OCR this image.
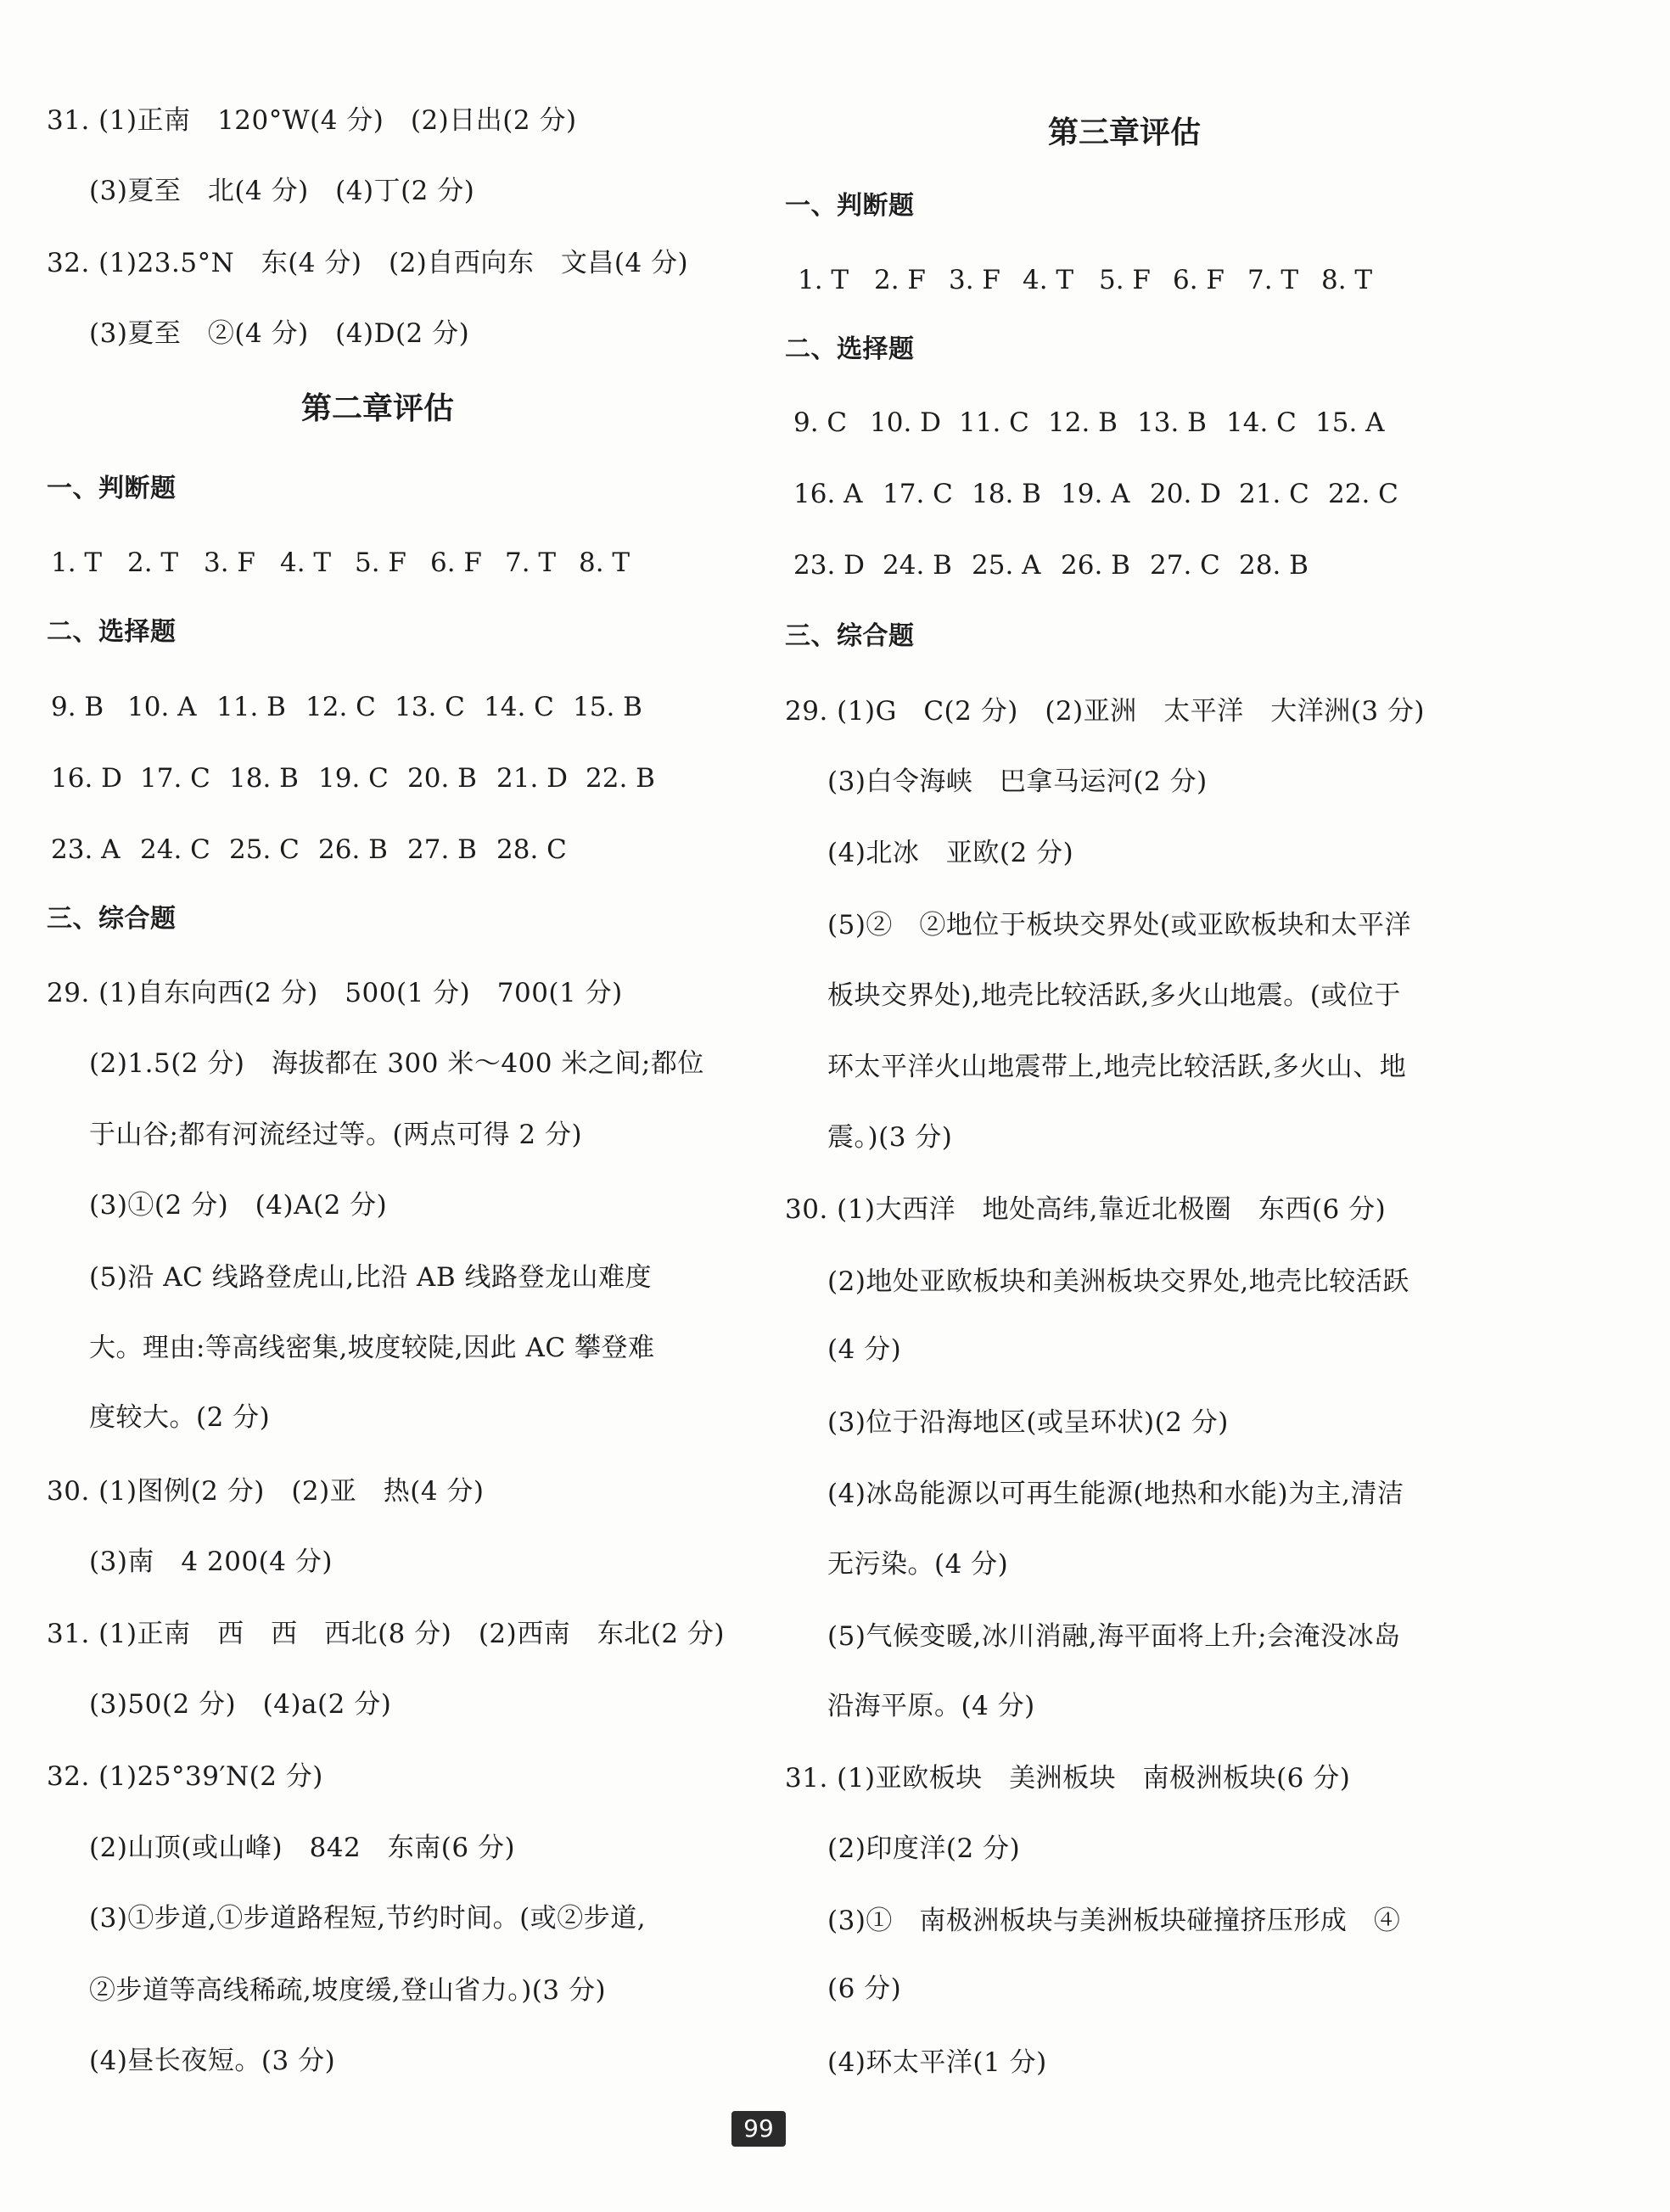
31. (1)正南　120°W(4 分)　(2)日出(2 分)
(3)夏至　北(4 分)　(4)丁(2 分)
32. (1)23.5°N　东(4 分)　(2)自西向东　文昌(4 分)
(3)夏至　②(4 分)　(4)D(2 分)
第二章评估
一、判断题
1. T 2. T 3. F 4. T 5. F 6. F 7. T 8. T
二、选择题
9. B 10. A 11. B 12. C 13. C 14. C 15. B
16. D 17. C 18. B 19. C 20. B 21. D 22. B
23. A 24. C 25. C 26. B 27. B 28. C
三、综合题
29. (1)自东向西(2 分)　500(1 分)　700(1 分)
(2)1.5(2 分)　海拔都在 300 米～400 米之间;都位
于山谷;都有河流经过等。(两点可得 2 分)
(3)①(2 分)　(4)A(2 分)
(5)沿 AC 线路登虎山,比沿 AB 线路登龙山难度
大。理由:等高线密集,坡度较陡,因此 AC 攀登难
度较大。(2 分)
30. (1)图例(2 分)　(2)亚　热(4 分)
(3)南　4 200(4 分)
31. (1)正南　西　西　西北(8 分)　(2)西南　东北(2 分)
(3)50(2 分)　(4)a(2 分)
32. (1)25°39′N(2 分)
(2)山顶(或山峰)　842　东南(6 分)
(3)①步道,①步道路程短,节约时间。(或②步道,
②步道等高线稀疏,坡度缓,登山省力。)(3 分)
(4)昼长夜短。(3 分)
第三章评估
一、判断题
1. T 2. F 3. F 4. T 5. F 6. F 7. T 8. T
二、选择题
9. C 10. D 11. C 12. B 13. B 14. C 15. A
16. A 17. C 18. B 19. A 20. D 21. C 22. C
23. D 24. B 25. A 26. B 27. C 28. B
三、综合题
29. (1)G　C(2 分)　(2)亚洲　太平洋　大洋洲(3 分)
(3)白令海峡　巴拿马运河(2 分)
(4)北冰　亚欧(2 分)
(5)②　②地位于板块交界处(或亚欧板块和太平洋
板块交界处),地壳比较活跃,多火山地震。(或位于
环太平洋火山地震带上,地壳比较活跃,多火山、地
震。)(3 分)
30. (1)大西洋　地处高纬,靠近北极圈　东西(6 分)
(2)地处亚欧板块和美洲板块交界处,地壳比较活跃
(4 分)
(3)位于沿海地区(或呈环状)(2 分)
(4)冰岛能源以可再生能源(地热和水能)为主,清洁
无污染。(4 分)
(5)气候变暖,冰川消融,海平面将上升;会淹没冰岛
沿海平原。(4 分)
31. (1)亚欧板块　美洲板块　南极洲板块(6 分)
(2)印度洋(2 分)
(3)①　南极洲板块与美洲板块碰撞挤压形成　④
(6 分)
(4)环太平洋(1 分)
99
